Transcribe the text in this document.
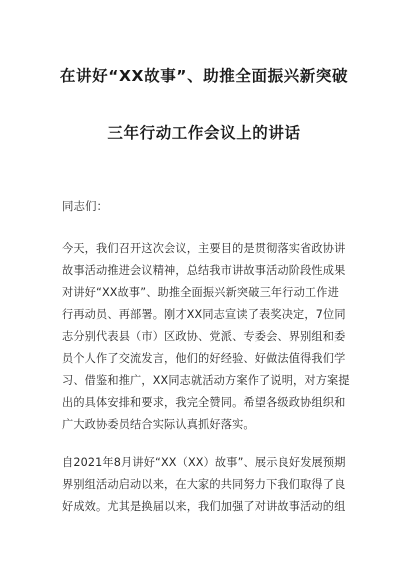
在讲好“XX故事”、助推全面振兴新突破
三年行动工作会议上的讲话
同志们：
今天，我们召开这次会议，主要目的是贯彻落实省政协讲
故事活动推进会议精神，总结我市讲故事活动阶段性成果
对讲好“XX故事”、助推全面振兴新突破三年行动工作进
行再动员、再部署。刚才XX同志宣读了表奖决定，7位同
志分别代表县（市）区政协、党派、专委会、界别组和委
员个人作了交流发言，他们的好经验、好做法值得我们学
习、借鉴和推广，XX同志就活动方案作了说明，对方案提
出的具体安排和要求，我完全赞同。希望各级政协组织和
广大政协委员结合实际认真抓好落实。
自2021年8月讲好“XX（XX）故事”、展示良好发展预期
界别组活动启动以来，在大家的共同努力下我们取得了良
好成效。尤其是换届以来，我们加强了对讲故事活动的组
